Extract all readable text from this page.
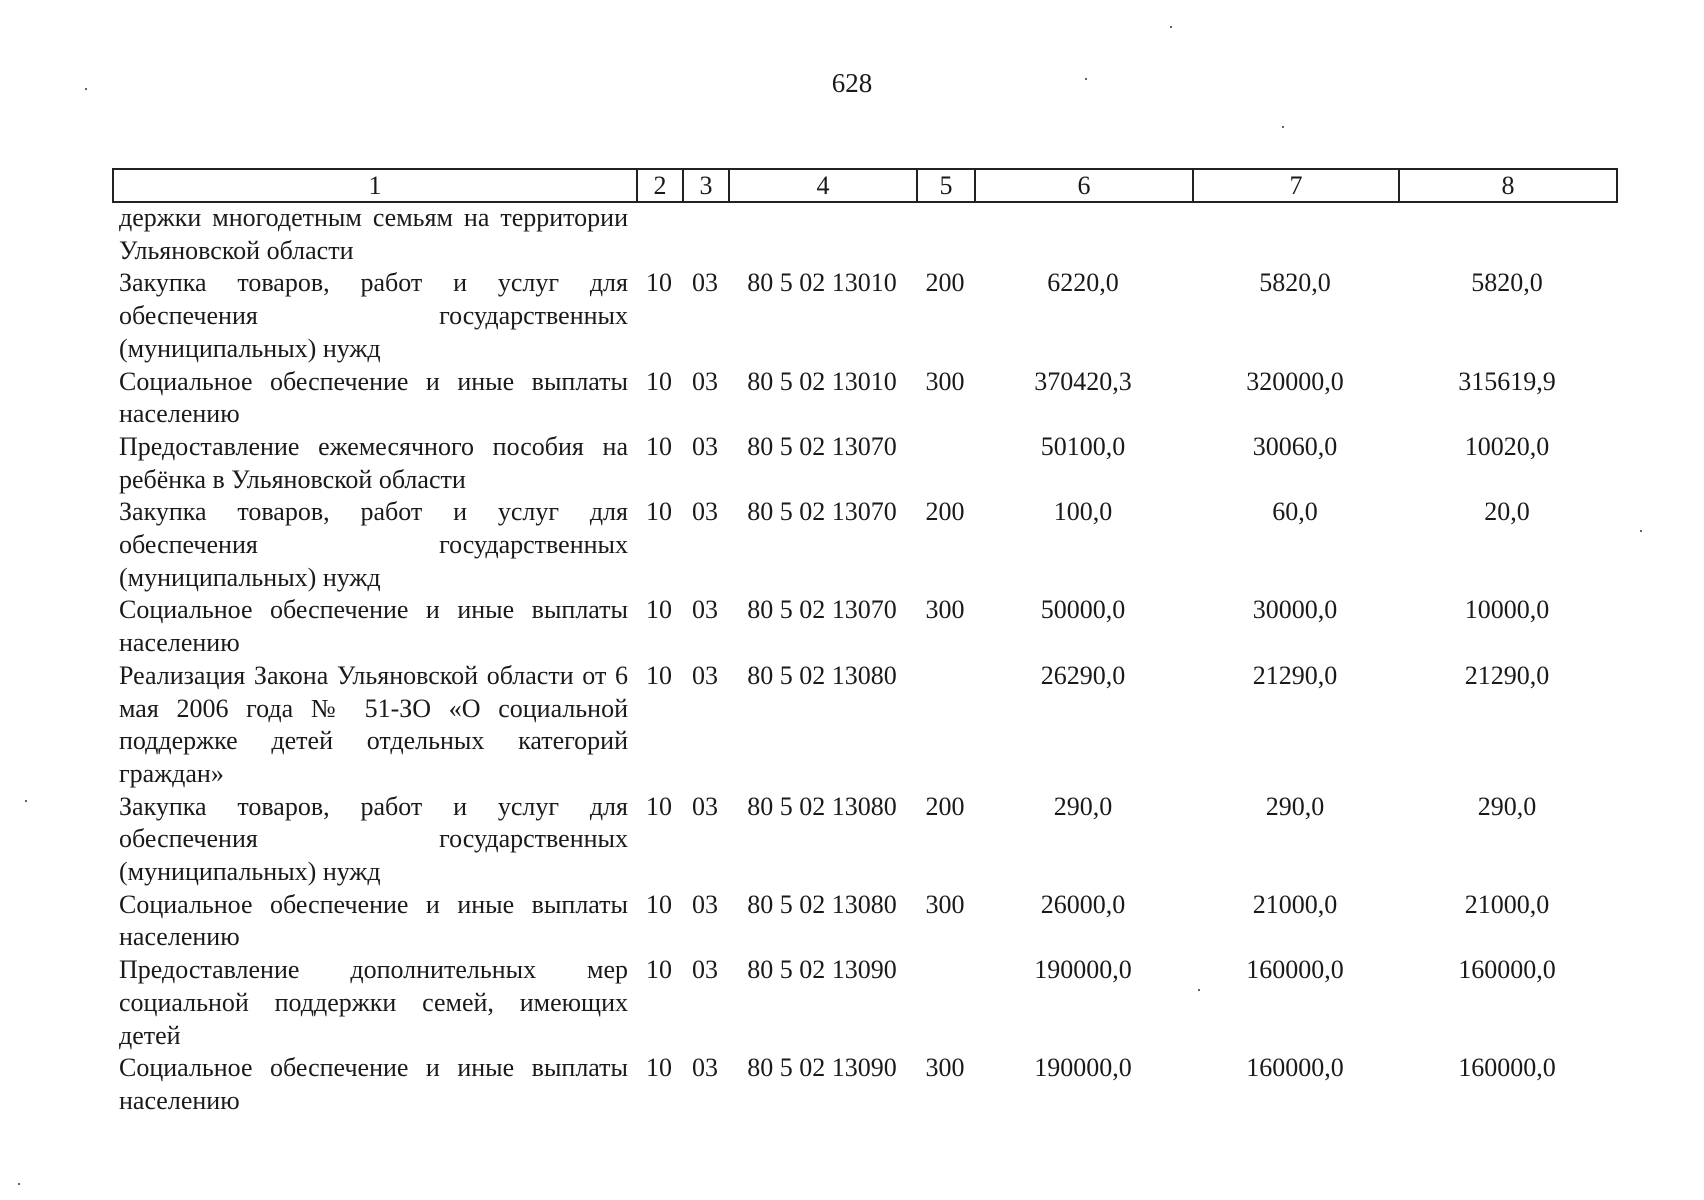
628
1	2	3	4	5	6	7	8
держки многодетным семьям на территории Ульяновской области							
Закупка товаров, работ и услуг для обеспечения государственных (муниципальных) нужд	10	03	80 5 02 13010	200	6220,0	5820,0	5820,0
Социальное обеспечение и иные выплаты населению	10	03	80 5 02 13010	300	370420,3	320000,0	315619,9
Предоставление ежемесячного пособия на ребёнка в Ульяновской области	10	03	80 5 02 13070		50100,0	30060,0	10020,0
Закупка товаров, работ и услуг для обеспечения государственных (муниципальных) нужд	10	03	80 5 02 13070	200	100,0	60,0	20,0
Социальное обеспечение и иные выплаты населению	10	03	80 5 02 13070	300	50000,0	30000,0	10000,0
Реализация Закона Ульяновской области от 6 мая 2006 года № 51-ЗО «О социальной поддержке детей отдельных категорий граждан»	10	03	80 5 02 13080		26290,0	21290,0	21290,0
Закупка товаров, работ и услуг для обеспечения государственных (муниципальных) нужд	10	03	80 5 02 13080	200	290,0	290,0	290,0
Социальное обеспечение и иные выплаты населению	10	03	80 5 02 13080	300	26000,0	21000,0	21000,0
Предоставление дополнительных мер социальной поддержки семей, имеющих детей	10	03	80 5 02 13090		190000,0	160000,0	160000,0
Социальное обеспечение и иные выплаты населению	10	03	80 5 02 13090	300	190000,0	160000,0	160000,0
